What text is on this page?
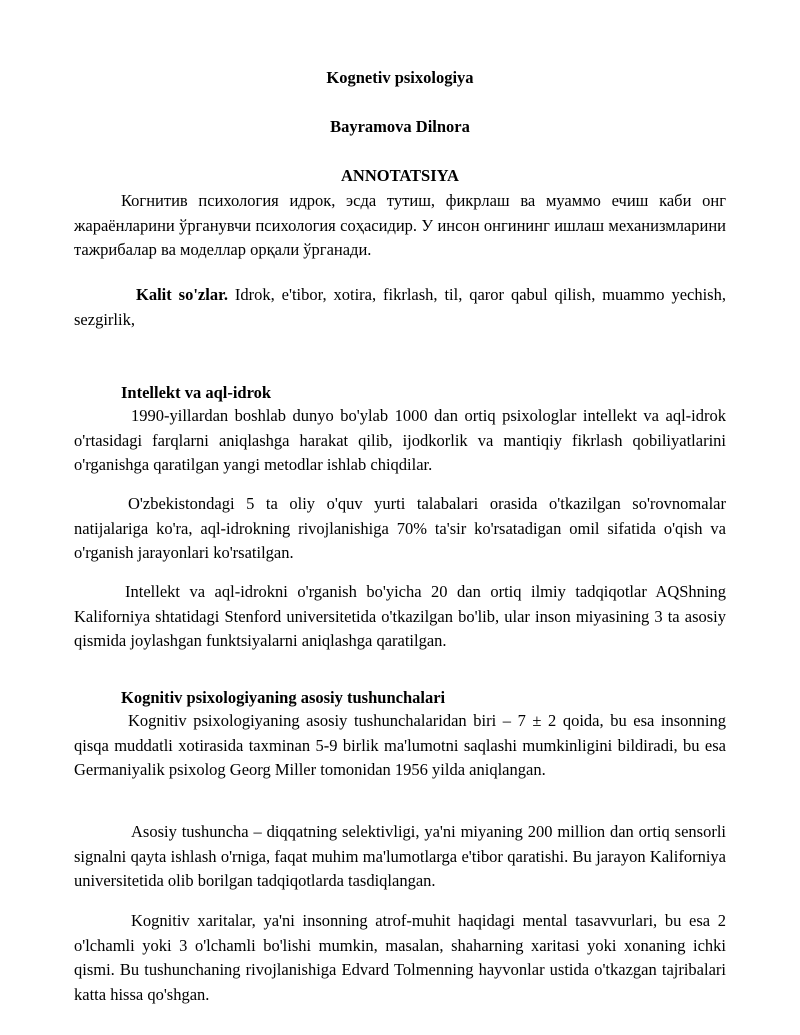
Kognetiv psixologiya
Bayramova Dilnora
ANNOTATSIYA

Когнитив психология идрок, эсда тутиш, фикрлаш ва муаммо ечиш каби онг жараёнларини ўрганувчи психология соҳасидир. У инсон онгининг ишлаш механизмларини тажрибалар ва моделлар орқали ўрганади.

Kalit so'zlar. Idrok, e'tibor, xotira, fikrlash, til, qaror qabul qilish, muammo yechish, sezgirlik,

Intellekt va aql-idrok

1990-yillardan boshlab dunyo bo'ylab 1000 dan ortiq psixologlar intellekt va aql-idrok o'rtasidagi farqlarni aniqlashga harakat qilib, ijodkorlik va mantiqiy fikrlash qobiliyatlarini o'rganishga qaratilgan yangi metodlar ishlab chiqdilar.

O'zbekistondagi 5 ta oliy o'quv yurti talabalari orasida o'tkazilgan so'rovnomalar natijalariga ko'ra, aql-idrokning rivojlanishiga 70% ta'sir ko'rsatadigan omil sifatida o'qish va o'rganish jarayonlari ko'rsatilgan.

Intellekt va aql-idrokni o'rganish bo'yicha 20 dan ortiq ilmiy tadqiqotlar AQShning Kaliforniya shtatidagi Stenford universitetida o'tkazilgan bo'lib, ular inson miyasining 3 ta asosiy qismida joylashgan funktsiyalarni aniqlashga qaratilgan.

Kognitiv psixologiyaning asosiy tushunchalari

Kognitiv psixologiyaning asosiy tushunchalaridan biri – 7 ± 2 qoida, bu esa insonning qisqa muddatli xotirasida taxminan 5-9 birlik ma'lumotni saqlashi mumkinligini bildiradi, bu esa Germaniyalik psixolog Georg Miller tomonidan 1956 yilda aniqlangan.

Asosiy tushuncha – diqqatning selektivligi, ya'ni miyaning 200 million dan ortiq sensorli signalni qayta ishlash o'rniga, faqat muhim ma'lumotlarga e'tibor qaratishi. Bu jarayon Kaliforniya universitetida olib borilgan tadqiqotlarda tasdiqlangan.

Kognitiv xaritalar, ya'ni insonning atrof-muhit haqidagi mental tasavvurlari, bu esa 2 o'lchamli yoki 3 o'lchamli bo'lishi mumkin, masalan, shaharning xaritasi yoki xonaning ichki qismi. Bu tushunchaning rivojlanishiga Edvard Tolmenning hayvonlar ustida o'tkazgan tajribalari katta hissa qo'shgan.
